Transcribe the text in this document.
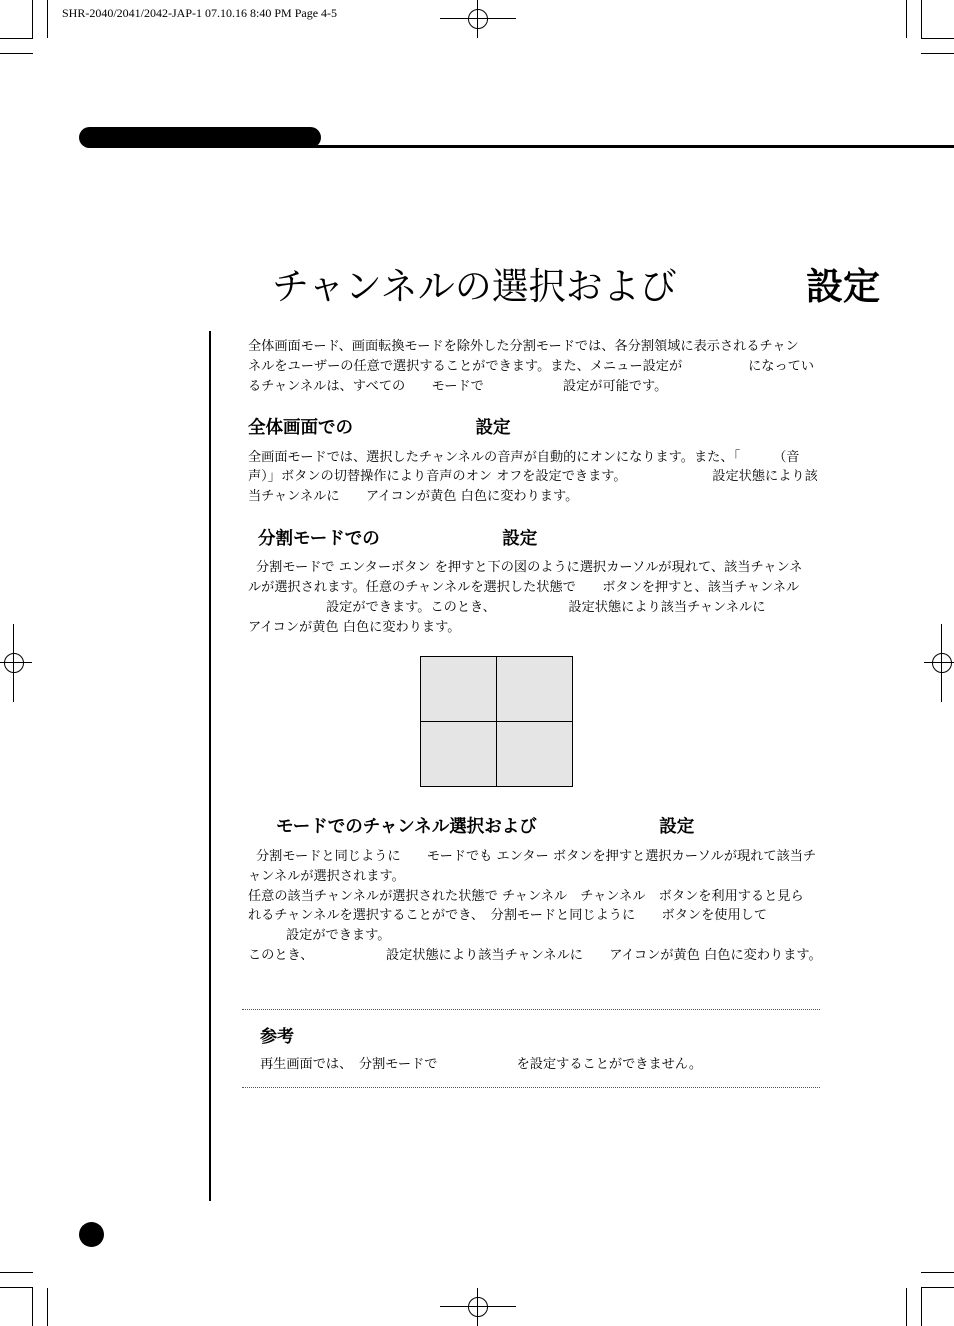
SHR-2040/2041/2042-JAP-1 07.10.16 8:40 PM Page 4-5
チャンネルの選択および	設定
全体画面モード、画面転換モードを除外した分割モードでは、各分割領域に表示されるチャン
ネルをユーザーの任意で選択することができます。また、メニュー設定が　　　　　になってい
るチャンネルは、すべての　　モードで　　　　　　設定が可能です。
全体画面での　　　　　　　設定
全画面モードでは、選択したチャンネルの音声が自動的にオンになります。また、「　　　（音
声）」ボタンの切替操作により音声のオン オフを設定できます。　　　　　　　設定状態により該
当チャンネルに　　アイコンが黄色 白色に変わります。
分割モードでの　　　　　　　設定
分割モードで エンターボタン を押すと下の図のように選択カーソルが現れて、該当チャンネ
ルが選択されます。任意のチャンネルを選択した状態で　　ボタンを押すと、該当チャンネル
設定ができます。このとき、　　　　　　設定状態により該当チャンネルに
アイコンが黄色 白色に変わります。
モードでのチャンネル選択および　　　　　　　設定
分割モードと同じように　　モードでも エンター ボタンを押すと選択カーソルが現れて該当チ
ャンネルが選択されます。
任意の該当チャンネルが選択された状態で チャンネル　チャンネル　ボタンを利用すると見ら
れるチャンネルを選択することができ、　分割モードと同じように　　ボタンを使用して
設定ができます。
このとき、　　　　　　設定状態により該当チャンネルに　　アイコンが黄色 白色に変わります。
参考
再生画面では、　分割モードで　　　　　　を設定することができません。
